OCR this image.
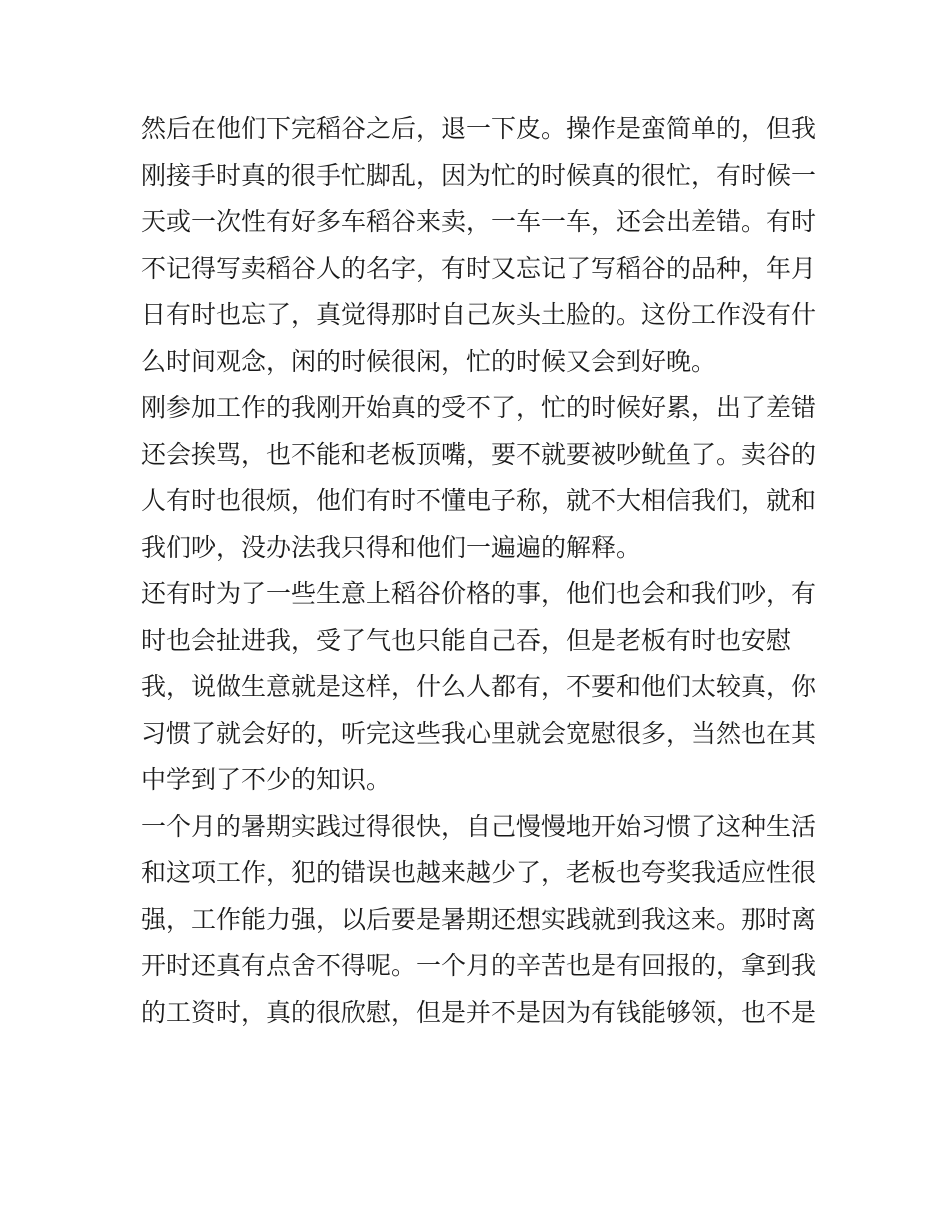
然后在他们下完稻谷之后，退一下皮。操作是蛮简单的，但我
刚接手时真的很手忙脚乱，因为忙的时候真的很忙，有时候一
天或一次性有好多车稻谷来卖，一车一车，还会出差错。有时
不记得写卖稻谷人的名字，有时又忘记了写稻谷的品种，年月
日有时也忘了，真觉得那时自己灰头土脸的。这份工作没有什
么时间观念，闲的时候很闲，忙的时候又会到好晚。
刚参加工作的我刚开始真的受不了，忙的时候好累，出了差错
还会挨骂，也不能和老板顶嘴，要不就要被吵鱿鱼了。卖谷的
人有时也很烦，他们有时不懂电子称，就不大相信我们，就和
我们吵，没办法我只得和他们一遍遍的解释。
还有时为了一些生意上稻谷价格的事，他们也会和我们吵，有
时也会扯进我，受了气也只能自己吞，但是老板有时也安慰
我，说做生意就是这样，什么人都有，不要和他们太较真，你
习惯了就会好的，听完这些我心里就会宽慰很多，当然也在其
中学到了不少的知识。
一个月的暑期实践过得很快，自己慢慢地开始习惯了这种生活
和这项工作，犯的错误也越来越少了，老板也夸奖我适应性很
强，工作能力强，以后要是暑期还想实践就到我这来。那时离
开时还真有点舍不得呢。一个月的辛苦也是有回报的，拿到我
的工资时，真的很欣慰，但是并不是因为有钱能够领，也不是
